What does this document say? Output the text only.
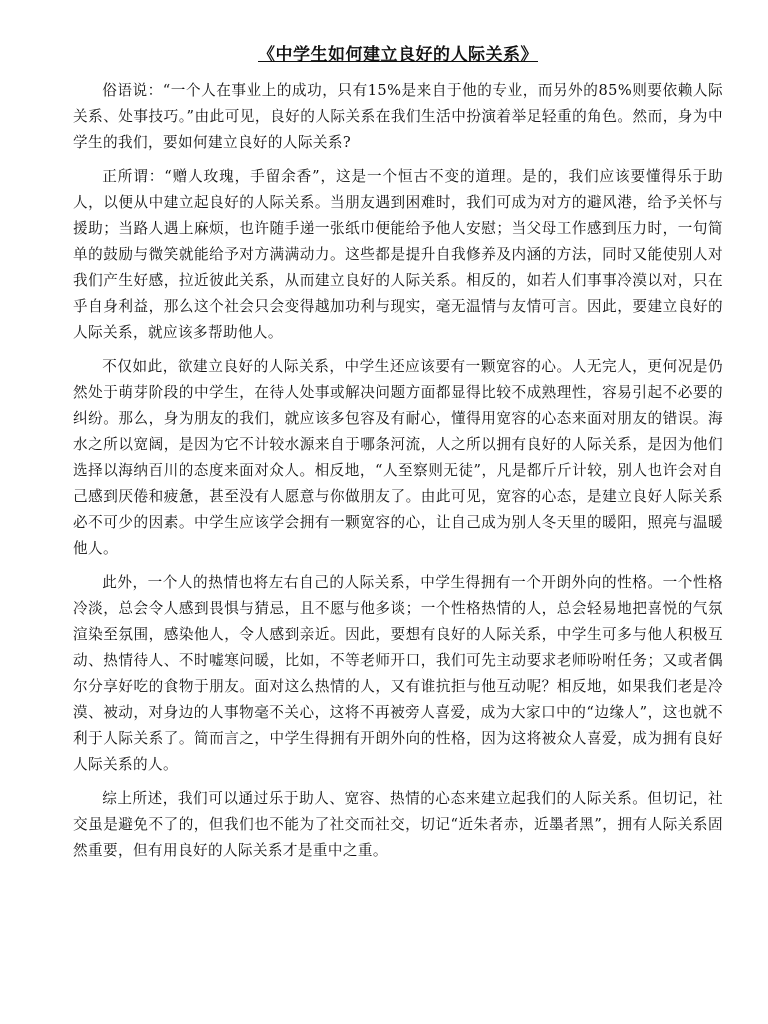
《中学生如何建立良好的人际关系》

俗语说：“一个人在事业上的成功，只有15%是来自于他的专业，而另外的85%则要依赖人际关系、处事技巧。”由此可见，良好的人际关系在我们生活中扮演着举足轻重的角色。然而，身为中学生的我们，要如何建立良好的人际关系?

正所谓：“赠人玫瑰，手留余香”，这是一个恒古不变的道理。是的，我们应该要懂得乐于助人，以便从中建立起良好的人际关系。当朋友遇到困难时，我们可成为对方的避风港，给予关怀与援助；当路人遇上麻烦，也许随手递一张纸巾便能给予他人安慰；当父母工作感到压力时，一句简单的鼓励与微笑就能给予对方满满动力。这些都是提升自我修养及内涵的方法，同时又能使别人对我们产生好感，拉近彼此关系，从而建立良好的人际关系。相反的，如若人们事事冷漠以对，只在乎自身利益，那么这个社会只会变得越加功利与现实，毫无温情与友情可言。因此，要建立良好的人际关系，就应该多帮助他人。

不仅如此，欲建立良好的人际关系，中学生还应该要有一颗宽容的心。人无完人，更何况是仍然处于萌芽阶段的中学生，在待人处事或解决问题方面都显得比较不成熟理性，容易引起不必要的纠纷。那么，身为朋友的我们，就应该多包容及有耐心，懂得用宽容的心态来面对朋友的错误。海水之所以宽阔，是因为它不计较水源来自于哪条河流，人之所以拥有良好的人际关系，是因为他们选择以海纳百川的态度来面对众人。相反地，“人至察则无徒”，凡是都斤斤计较，别人也许会对自己感到厌倦和疲惫，甚至没有人愿意与你做朋友了。由此可见，宽容的心态，是建立良好人际关系必不可少的因素。中学生应该学会拥有一颗宽容的心，让自己成为别人冬天里的暖阳，照亮与温暖他人。

此外，一个人的热情也将左右自己的人际关系，中学生得拥有一个开朗外向的性格。一个性格冷淡，总会令人感到畏惧与猜忌，且不愿与他多谈；一个性格热情的人，总会轻易地把喜悦的气氛渲染至氛围，感染他人，令人感到亲近。因此，要想有良好的人际关系，中学生可多与他人积极互动、热情待人、不时嘘寒问暖，比如，不等老师开口，我们可先主动要求老师吩咐任务；又或者偶尔分享好吃的食物于朋友。面对这么热情的人，又有谁抗拒与他互动呢？相反地，如果我们老是冷漠、被动，对身边的人事物毫不关心，这将不再被旁人喜爱，成为大家口中的“边缘人”，这也就不利于人际关系了。简而言之，中学生得拥有开朗外向的性格，因为这将被众人喜爱，成为拥有良好人际关系的人。

综上所述，我们可以通过乐于助人、宽容、热情的心态来建立起我们的人际关系。但切记，社交虽是避免不了的，但我们也不能为了社交而社交，切记“近朱者赤，近墨者黑”，拥有人际关系固然重要，但有用良好的人际关系才是重中之重。
